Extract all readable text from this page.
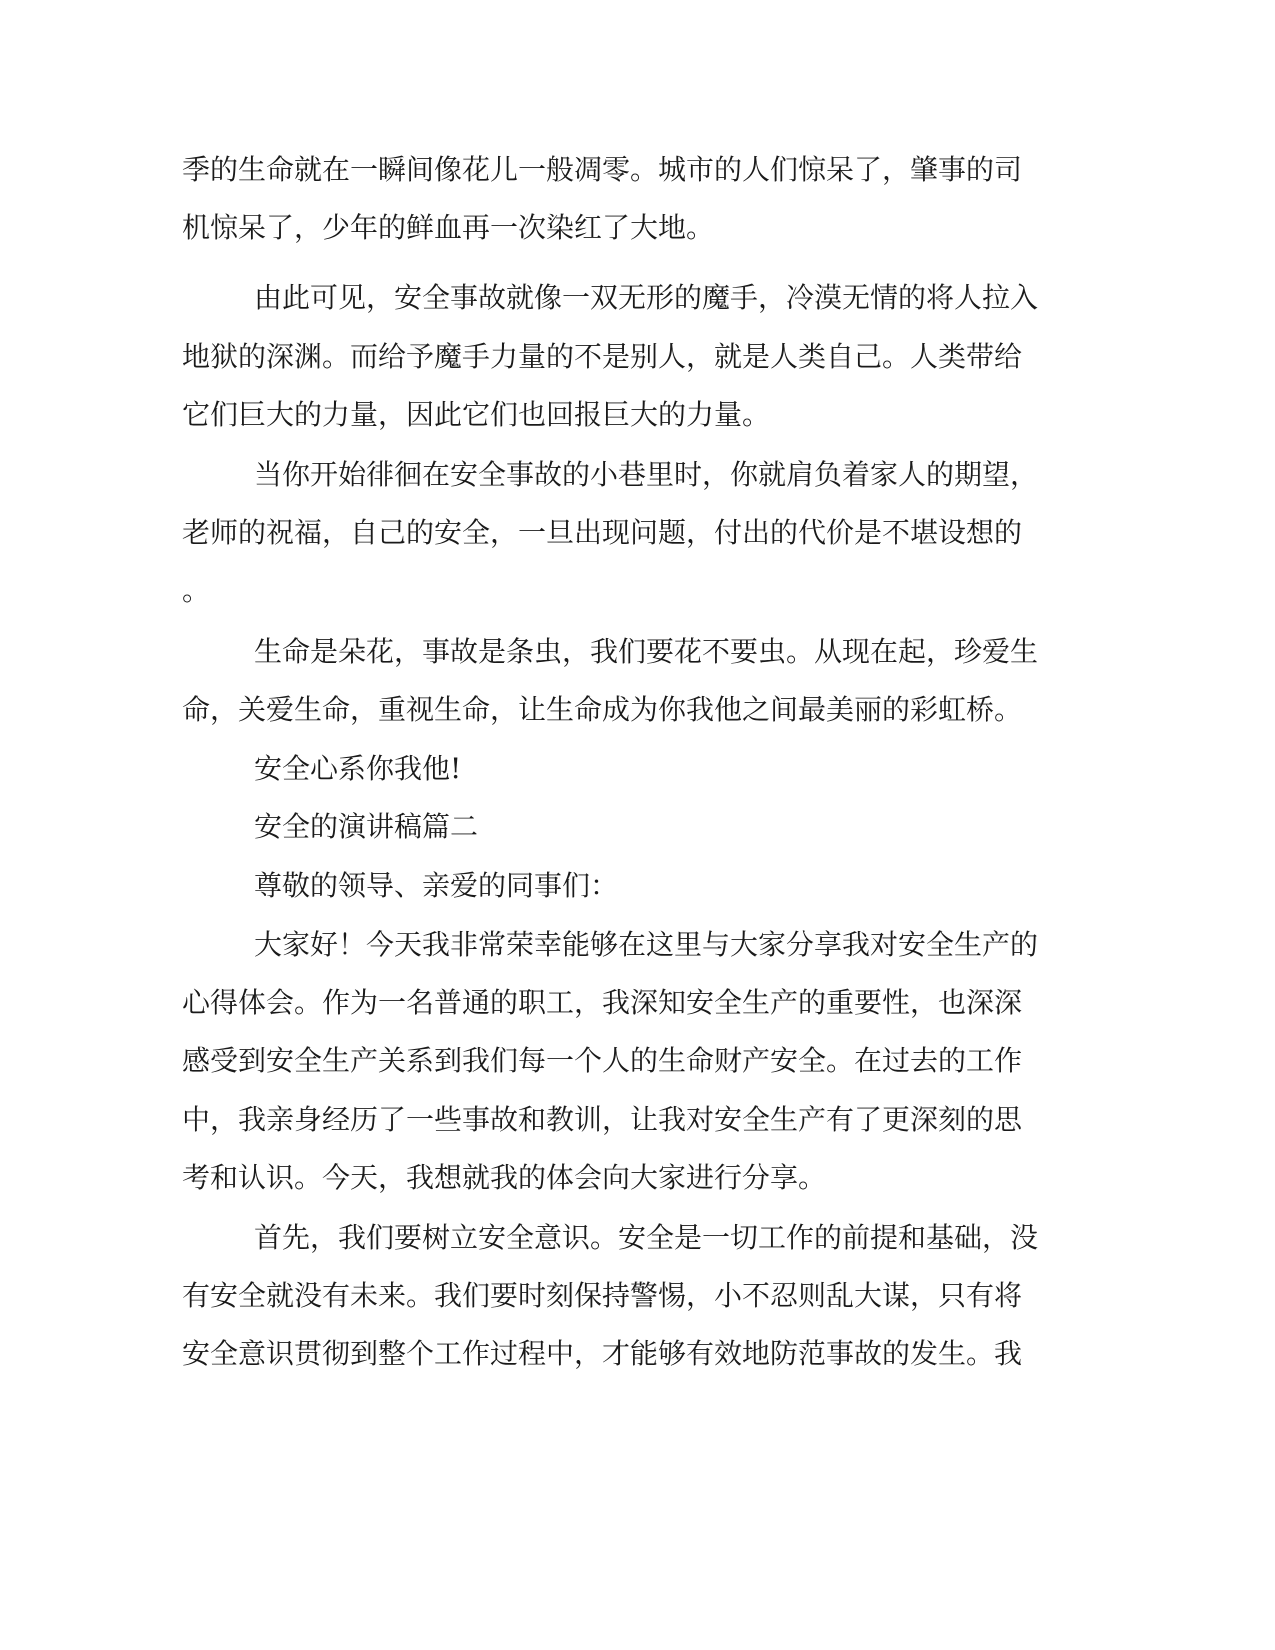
季的生命就在一瞬间像花儿一般凋零。城市的人们惊呆了，肇事的司
机惊呆了，少年的鲜血再一次染红了大地。
由此可见，安全事故就像一双无形的魔手，冷漠无情的将人拉入
地狱的深渊。而给予魔手力量的不是别人，就是人类自己。人类带给
它们巨大的力量，因此它们也回报巨大的力量。
当你开始徘徊在安全事故的小巷里时，你就肩负着家人的期望，
老师的祝福，自己的安全，一旦出现问题，付出的代价是不堪设想的
。
生命是朵花，事故是条虫，我们要花不要虫。从现在起，珍爱生
命，关爱生命，重视生命，让生命成为你我他之间最美丽的彩虹桥。
安全心系你我他!
安全的演讲稿篇二
尊敬的领导、亲爱的同事们：
大家好！今天我非常荣幸能够在这里与大家分享我对安全生产的
心得体会。作为一名普通的职工，我深知安全生产的重要性，也深深
感受到安全生产关系到我们每一个人的生命财产安全。在过去的工作
中，我亲身经历了一些事故和教训，让我对安全生产有了更深刻的思
考和认识。今天，我想就我的体会向大家进行分享。
首先，我们要树立安全意识。安全是一切工作的前提和基础，没
有安全就没有未来。我们要时刻保持警惕，小不忍则乱大谋，只有将
安全意识贯彻到整个工作过程中，才能够有效地防范事故的发生。我
